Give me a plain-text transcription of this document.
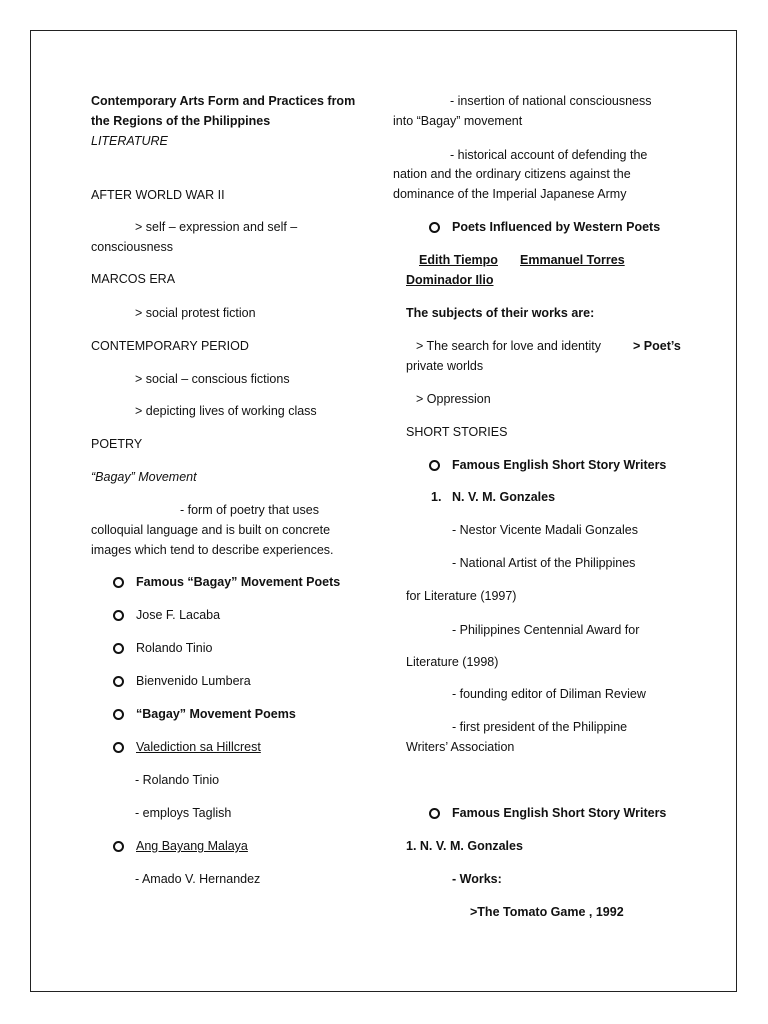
Contemporary Arts Form and Practices from
the Regions of the Philippines
LITERATURE
AFTER WORLD WAR II
> self – expression and self –
consciousness
MARCOS ERA
> social protest fiction
CONTEMPORARY PERIOD
> social – conscious fictions
> depicting lives of working class
POETRY
“Bagay” Movement
- form of poetry that uses
colloquial language and is built on concrete
images which tend to describe experiences.
Famous “Bagay” Movement Poets
Jose F. Lacaba
Rolando Tinio
Bienvenido Lumbera
“Bagay” Movement Poems
Valediction sa Hillcrest
- Rolando Tinio
- employs Taglish
Ang Bayang Malaya
- Amado V. Hernandez
- insertion of national consciousness
into “Bagay” movement
- historical account of defending the
nation and the ordinary citizens against the
dominance of the Imperial Japanese Army
Poets Influenced by Western Poets
Edith Tiempo Emmanuel Torres
Dominador Ilio
The subjects of their works are:
> The search for love and identity	> Poet’s
private worlds
> Oppression
SHORT STORIES
Famous English Short Story Writers
1. N. V. M. Gonzales
- Nestor Vicente Madali Gonzales
- National Artist of the Philippines
for Literature (1997)
- Philippines Centennial Award for
Literature (1998)
- founding editor of Diliman Review
- first president of the Philippine
Writers’ Association
Famous English Short Story Writers
1. N. V. M. Gonzales
- Works:
>The Tomato Game , 1992
